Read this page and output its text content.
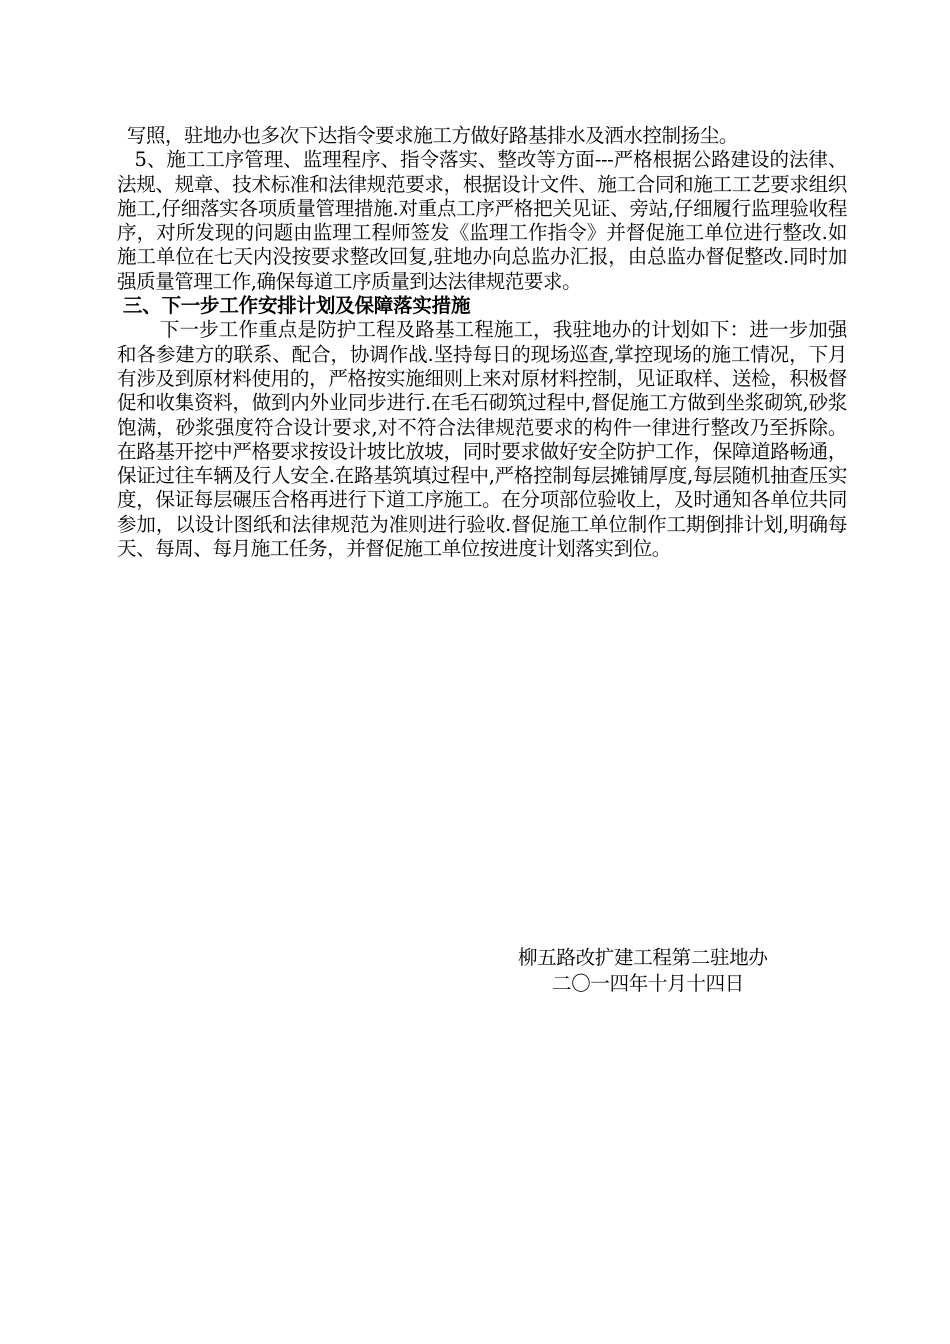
写照，驻地办也多次下达指令要求施工方做好路基排水及洒水控制扬尘。

5、施工工序管理、监理程序、指令落实、整改等方面---严格根据公路建设的法律、法规、规章、技术标准和法律规范要求，根据设计文件、施工合同和施工工艺要求组织施工,仔细落实各项质量管理措施.对重点工序严格把关见证、旁站,仔细履行监理验收程序，对所发现的问题由监理工程师签发《监理工作指令》并督促施工单位进行整改.如施工单位在七天内没按要求整改回复,驻地办向总监办汇报，由总监办督促整改.同时加强质量管理工作,确保每道工序质量到达法律规范要求。

三、下一步工作安排计划及保障落实措施

下一步工作重点是防护工程及路基工程施工，我驻地办的计划如下：进一步加强和各参建方的联系、配合，协调作战.坚持每日的现场巡查,掌控现场的施工情况，下月有涉及到原材料使用的，严格按实施细则上来对原材料控制，见证取样、送检，积极督促和收集资料，做到内外业同步进行.在毛石砌筑过程中,督促施工方做到坐浆砌筑,砂浆饱满，砂浆强度符合设计要求,对不符合法律规范要求的构件一律进行整改乃至拆除。在路基开挖中严格要求按设计坡比放坡，同时要求做好安全防护工作，保障道路畅通，保证过往车辆及行人安全.在路基筑填过程中,严格控制每层摊铺厚度,每层随机抽查压实度，保证每层碾压合格再进行下道工序施工。在分项部位验收上，及时通知各单位共同参加，以设计图纸和法律规范为准则进行验收.督促施工单位制作工期倒排计划,明确每天、每周、每月施工任务，并督促施工单位按进度计划落实到位。

柳五路改扩建工程第二驻地办
二〇一四年十月十四日
